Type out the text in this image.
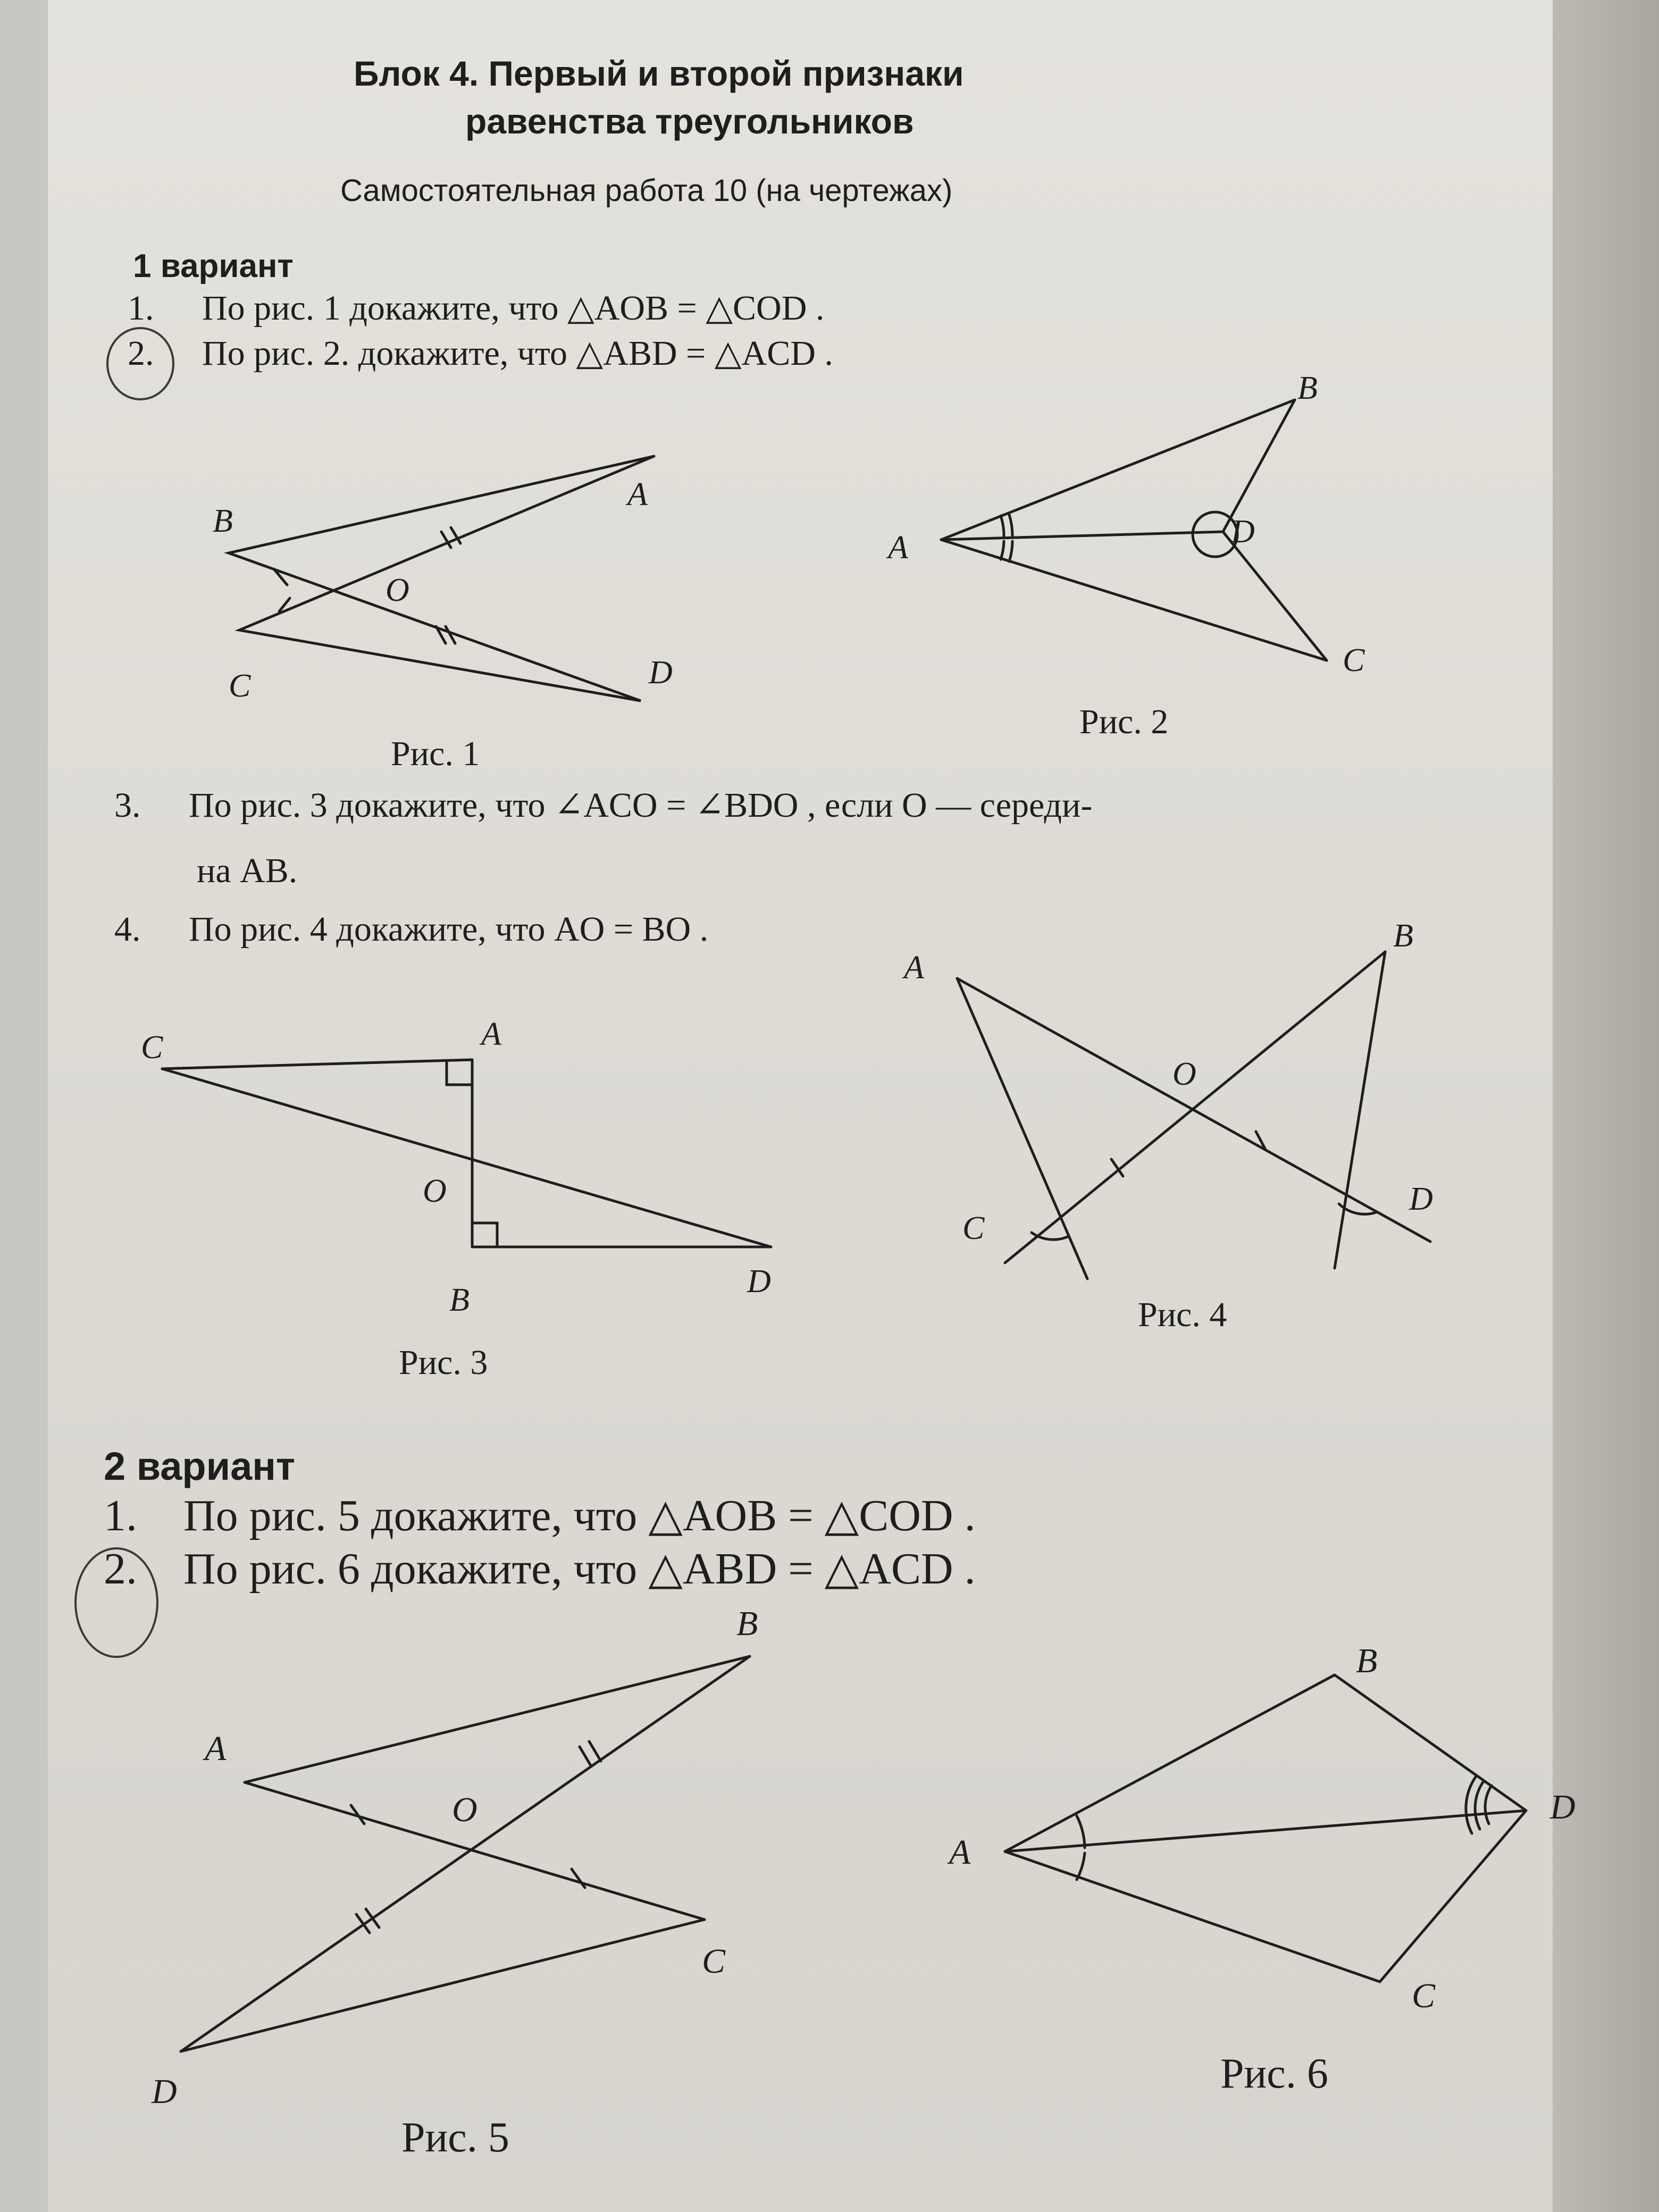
Блок 4. Первый и второй признаки
равенства треугольников
Самостоятельная работа 10 (на чертежах)
1 вариант
1. По рис. 1 докажите, что △AOB = △COD .
2. По рис. 2. докажите, что △ABD = △ACD .
3. По рис. 3 докажите, что ∠ACO = ∠BDO , если O — середи-
на AB.
4. По рис. 4 докажите, что AO = BO .
2 вариант
1. По рис. 5 докажите, что △AOB = △COD .
2. По рис. 6 докажите, что △ABD = △ACD .
A
B
O
C	D
B
A	D
C
C	A
O
B
D
B
A
O
C
D
B
A
O
C
D
B
A
D
C
Рис. 1
Рис. 2
Рис. 3
Рис. 4
Рис. 5
Рис. 6
